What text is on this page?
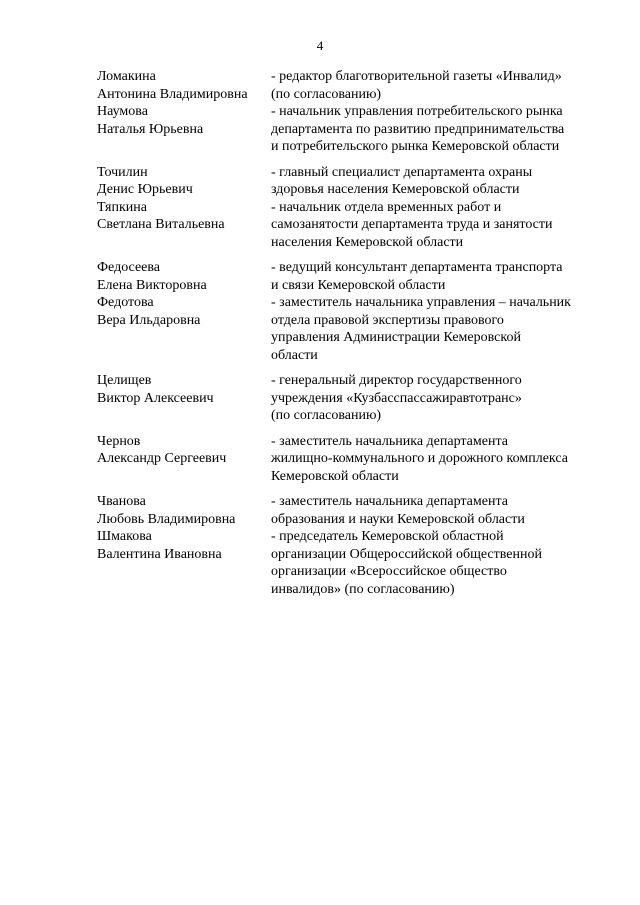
4
Ломакина
Антонина Владимировна
- редактор благотворительной газеты «Инвалид»
(по согласованию)
Наумова
Наталья Юрьевна
- начальник управления потребительского рынка
департамента по развитию предпринимательства
и потребительского рынка Кемеровской области
Точилин
Денис Юрьевич
- главный специалист департамента охраны
здоровья населения Кемеровской области
Тяпкина
Светлана Витальевна
- начальник отдела временных работ и
самозанятости департамента труда и занятости
населения Кемеровской области
Федосеева
Елена Викторовна
- ведущий консультант департамента транспорта
и связи Кемеровской области
Федотова
Вера Ильдаровна
- заместитель начальника управления – начальник
отдела правовой экспертизы правового
управления Администрации Кемеровской
области
Целищев
Виктор Алексеевич
- генеральный директор государственного
учреждения «Кузбасспассажиравтотранс»
(по согласованию)
Чернов
Александр Сергеевич
- заместитель начальника департамента
жилищно-коммунального и дорожного комплекса
Кемеровской области
Чванова
Любовь Владимировна
- заместитель начальника департамента
образования и науки Кемеровской области
Шмакова
Валентина Ивановна
- председатель Кемеровской областной
организации Общероссийской общественной
организации «Всероссийское общество
инвалидов» (по согласованию)
